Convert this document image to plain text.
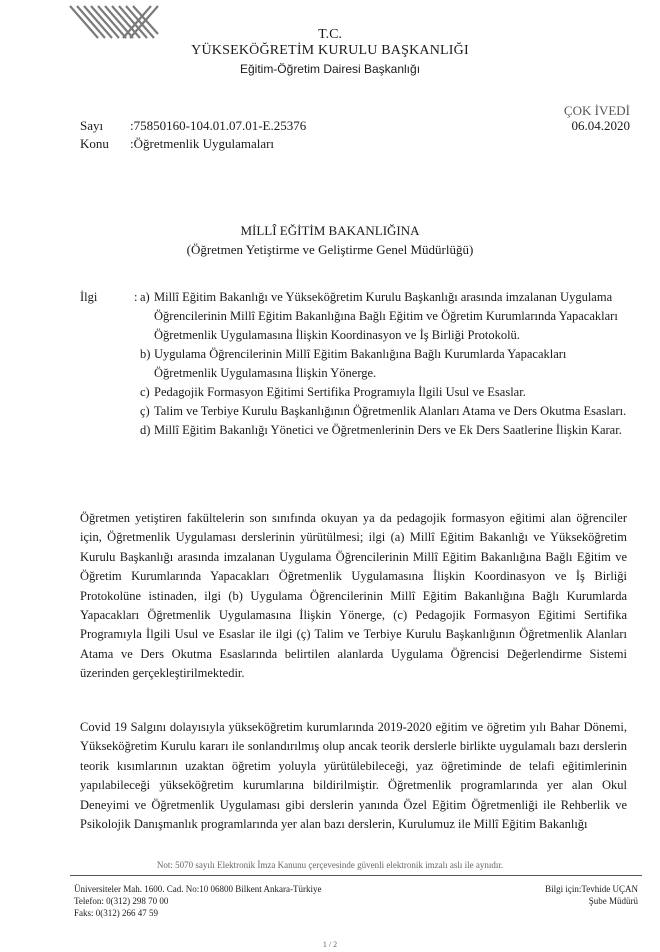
T.C.
YÜKSEKÖĞRETİM KURULU BAŞKANLIĞI
Eğitim-Öğretim Dairesi Başkanlığı
ÇOK İVEDİ
06.04.2020
Sayı :75850160-104.01.07.01-E.25376
Konu :Öğretmenlik Uygulamaları
MİLLÎ EĞİTİM BAKANLIĞINA
(Öğretmen Yetiştirme ve Geliştirme Genel Müdürlüğü)
İlgi	: a) Millî Eğitim Bakanlığı ve Yükseköğretim Kurulu Başkanlığı arasında imzalanan Uygulama Öğrencilerinin Millî Eğitim Bakanlığına Bağlı Eğitim ve Öğretim Kurumlarında Yapacakları Öğretmenlik Uygulamasına İlişkin Koordinasyon ve İş Birliği Protokolü.
b) Uygulama Öğrencilerinin Millî Eğitim Bakanlığına Bağlı Kurumlarda Yapacakları Öğretmenlik Uygulamasına İlişkin Yönerge.
c) Pedagojik Formasyon Eğitimi Sertifika Programıyla İlgili Usul ve Esaslar.
ç) Talim ve Terbiye Kurulu Başkanlığının Öğretmenlik Alanları Atama ve Ders Okutma Esasları.
d) Millî Eğitim Bakanlığı Yönetici ve Öğretmenlerinin Ders ve Ek Ders Saatlerine İlişkin Karar.
Öğretmen yetiştiren fakültelerin son sınıfında okuyan ya da pedagojik formasyon eğitimi alan öğrenciler için, Öğretmenlik Uygulaması derslerinin yürütülmesi; ilgi (a) Millî Eğitim Bakanlığı ve Yükseköğretim Kurulu Başkanlığı arasında imzalanan Uygulama Öğrencilerinin Millî Eğitim Bakanlığına Bağlı Eğitim ve Öğretim Kurumlarında Yapacakları Öğretmenlik Uygulamasına İlişkin Koordinasyon ve İş Birliği Protokolüne istinaden, ilgi (b) Uygulama Öğrencilerinin Millî Eğitim Bakanlığına Bağlı Kurumlarda Yapacakları Öğretmenlik Uygulamasına İlişkin Yönerge, (c) Pedagojik Formasyon Eğitimi Sertifika Programıyla İlgili Usul ve Esaslar ile ilgi (ç) Talim ve Terbiye Kurulu Başkanlığının Öğretmenlik Alanları Atama ve Ders Okutma Esaslarında belirtilen alanlarda Uygulama Öğrencisi Değerlendirme Sistemi üzerinden gerçekleştirilmektedir.
Covid 19 Salgını dolayısıyla yükseköğretim kurumlarında 2019-2020 eğitim ve öğretim yılı Bahar Dönemi, Yükseköğretim Kurulu kararı ile sonlandırılmış olup ancak teorik derslerle birlikte uygulamalı bazı derslerin teorik kısımlarının uzaktan öğretim yoluyla yürütülebileceği, yaz öğretiminde de telafi eğitimlerinin yapılabileceği yükseköğretim kurumlarına bildirilmiştir. Öğretmenlik programlarında yer alan Okul Deneyimi ve Öğretmenlik Uygulaması gibi derslerin yanında Özel Eğitim Öğretmenliği ile Rehberlik ve Psikolojik Danışmanlık programlarında yer alan bazı derslerin, Kurulumuz ile Millî Eğitim Bakanlığı
Not: 5070 sayılı Elektronik İmza Kanunu çerçevesinde güvenli elektronik imzalı aslı ile aynıdır.
Üniversiteler Mah. 1600. Cad. No:10 06800 Bilkent Ankara-Türkiye
Telefon: 0(312) 298 70 00
Faks: 0(312) 266 47 59
Bilgi için:Tevhide UÇAN
Şube Müdürü
1 / 2
